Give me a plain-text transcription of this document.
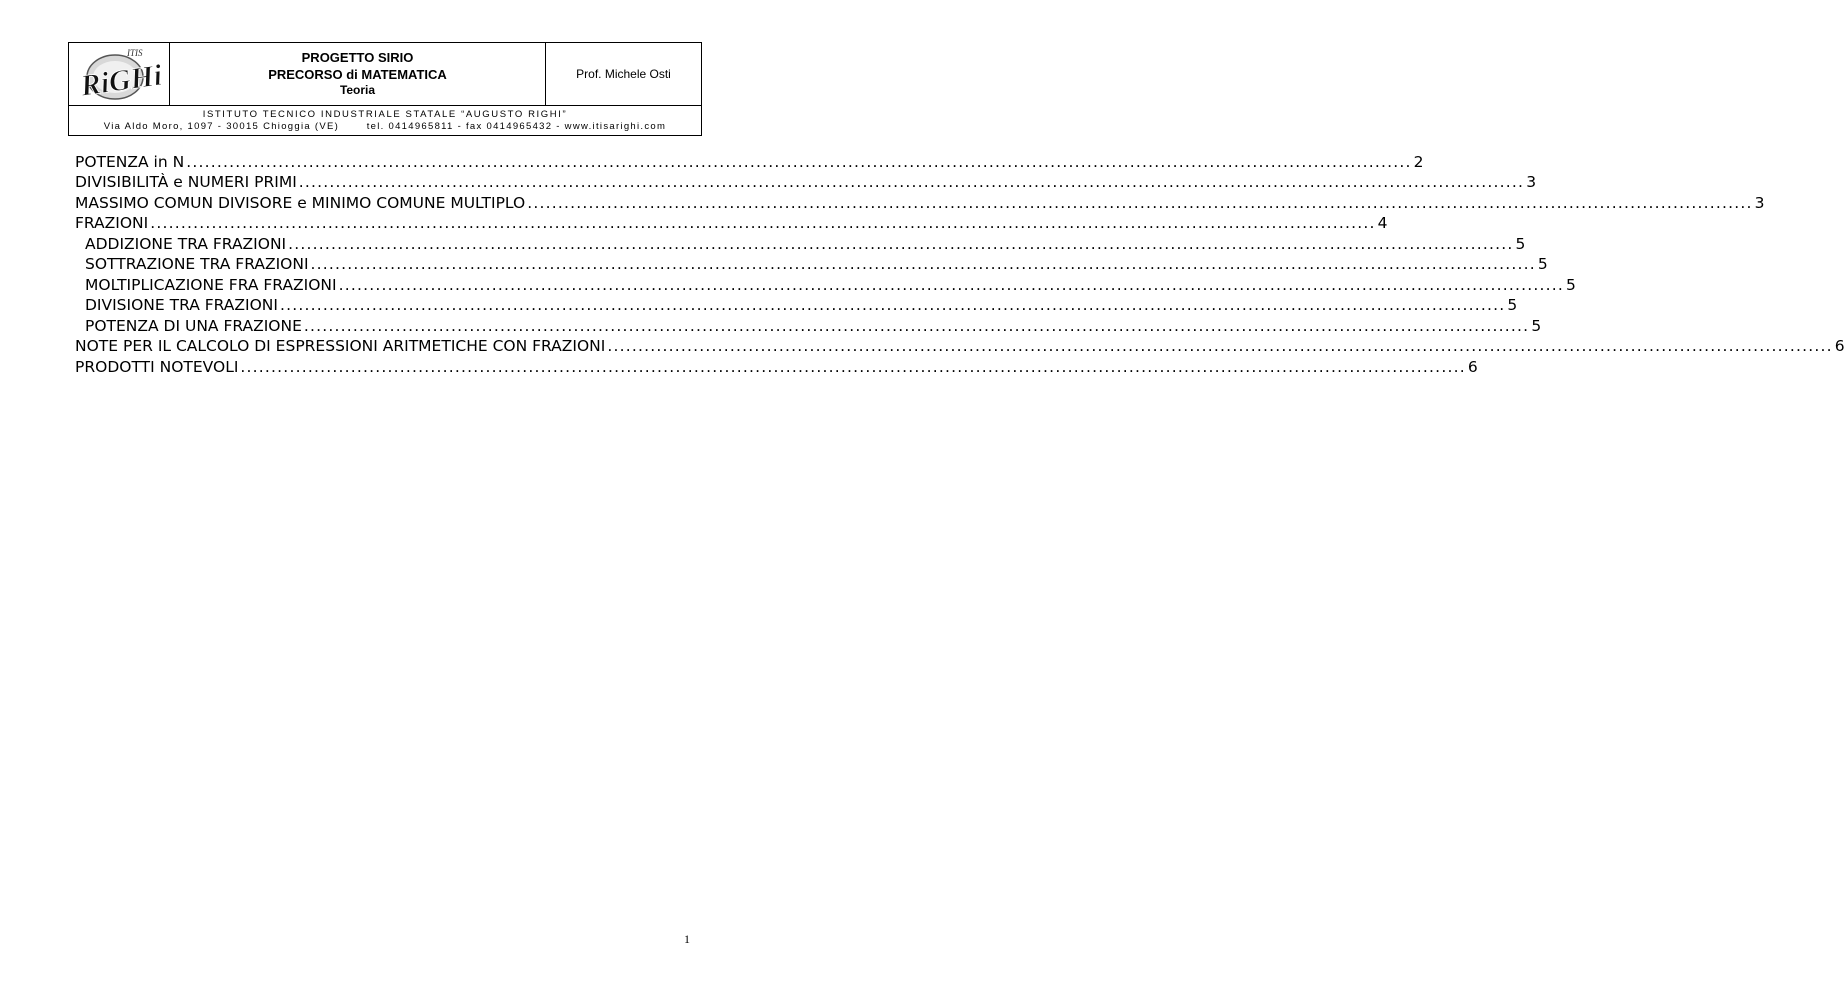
ITIS
RiGHi
PROGETTO SIRIO
PRECORSO di MATEMATICA
Teoria
Prof. Michele Osti
ISTITUTO TECNICO INDUSTRIALE STATALE “AUGUSTO RIGHI”
Via Aldo Moro, 1097 - 30015 Chioggia (VE)	tel. 0414965811 - fax 0414965432 - www.itisarighi.com
POTENZA in N ........................................................................................................................................................................................................ 2
DIVISIBILITÀ e NUMERI PRIMI ........................................................................................................................................................................................................ 3
MASSIMO COMUN DIVISORE e MINIMO COMUNE MULTIPLO ........................................................................................................................................................................................................ 3
FRAZIONI ........................................................................................................................................................................................................ 4
ADDIZIONE TRA FRAZIONI ........................................................................................................................................................................................................ 5
SOTTRAZIONE TRA FRAZIONI ........................................................................................................................................................................................................ 5
MOLTIPLICAZIONE FRA FRAZIONI ........................................................................................................................................................................................................ 5
DIVISIONE TRA FRAZIONI ........................................................................................................................................................................................................ 5
POTENZA DI UNA FRAZIONE ........................................................................................................................................................................................................ 5
NOTE PER IL CALCOLO DI ESPRESSIONI ARITMETICHE CON FRAZIONI ........................................................................................................................................................................................................ 6
PRODOTTI NOTEVOLI ........................................................................................................................................................................................................ 6
1
